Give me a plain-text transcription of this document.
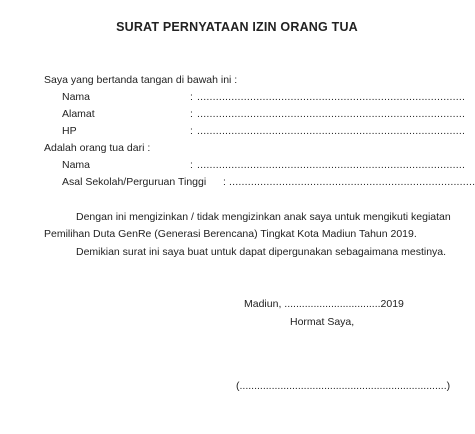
SURAT PERNYATAAN IZIN ORANG TUA
Saya yang bertanda tangan di bawah ini :
Nama	: ......................................................................................
Alamat	: ......................................................................................
HP	: ......................................................................................
Adalah orang tua dari :
Nama	: ......................................................................................
Asal Sekolah/Perguruan Tinggi : ...............................................................................
Dengan ini mengizinkan / tidak mengizinkan anak saya untuk mengikuti kegiatan
Pemilihan Duta GenRe (Generasi Berencana) Tingkat Kota Madiun Tahun 2019.
Demikian surat ini saya buat untuk dapat dipergunakan sebagaimana mestinya.
Madiun, .................................2019
Hormat Saya,
(.......................................................................)
